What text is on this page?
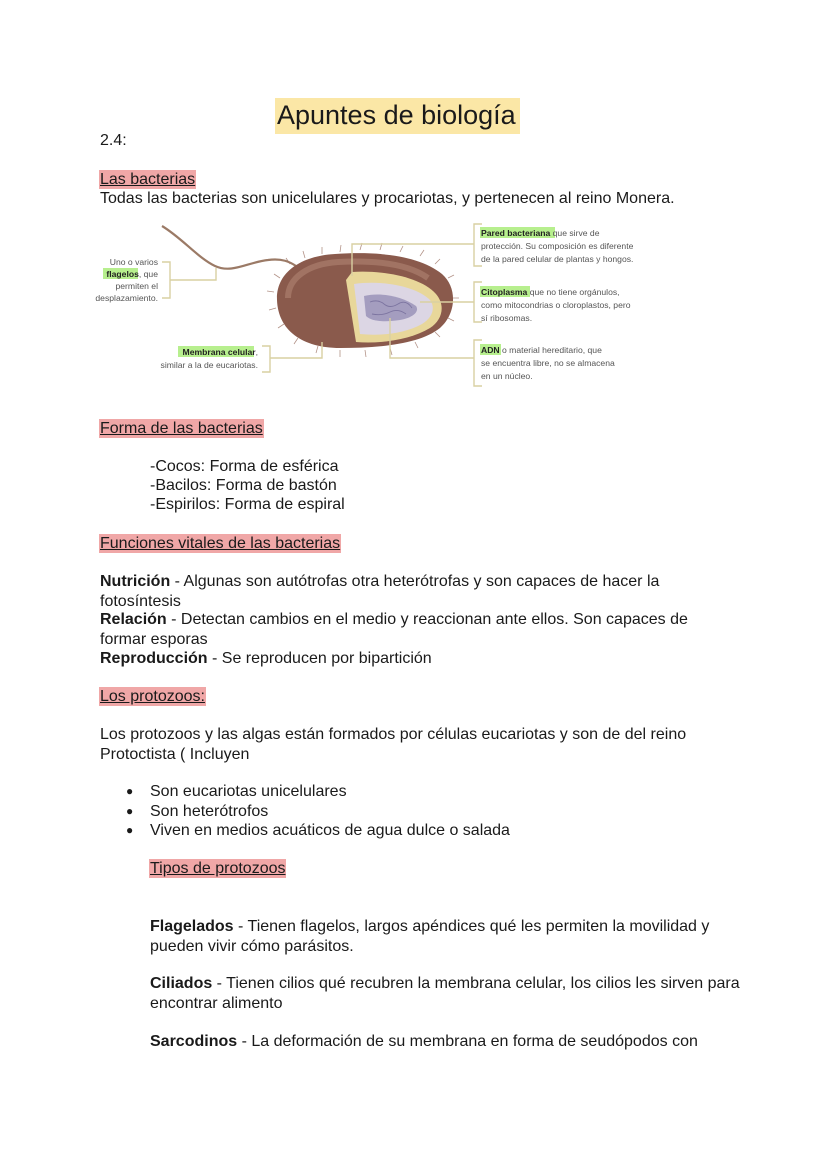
Apuntes de biología
2.4:
Las bacterias
Todas las bacterias son unicelulares y procariotas, y pertenecen al reino Monera.
Uno o varios
flagelos, que
permiten el
desplazamiento.
Membrana celular,
similar a la de eucariotas.
Pared bacteriana que sirve de
protección. Su composición es diferente
de la pared celular de plantas y hongos.
Citoplasma que no tiene orgánulos,
como mitocondrias o cloroplastos, pero
sí ribosomas.
ADN o material hereditario, que
se encuentra libre, no se almacena
en un núcleo.
Forma de las bacterias
-Cocos: Forma de esférica
-Bacilos: Forma de bastón
-Espirilos: Forma de espiral
Funciones vitales de las bacterias
Nutrición - Algunas son autótrofas otra heterótrofas y son capaces de hacer la fotosíntesis
Relación - Detectan cambios en el medio y reaccionan ante ellos. Son capaces de formar esporas
Reproducción - Se reproducen por bipartición
Los protozoos:
Los protozoos y las algas están formados por células eucariotas y son de del reino Protoctista ( Incluyen
●	Son eucariotas unicelulares
●	Son heterótrofos
●	Viven en medios acuáticos de agua dulce o salada
Tipos de protozoos
Flagelados - Tienen flagelos, largos apéndices qué les permiten la movilidad y pueden vivir cómo parásitos.
Ciliados - Tienen cilios qué recubren la membrana celular, los cilios les sirven para encontrar alimento
Sarcodinos - La deformación de su membrana en forma de seudópodos con
